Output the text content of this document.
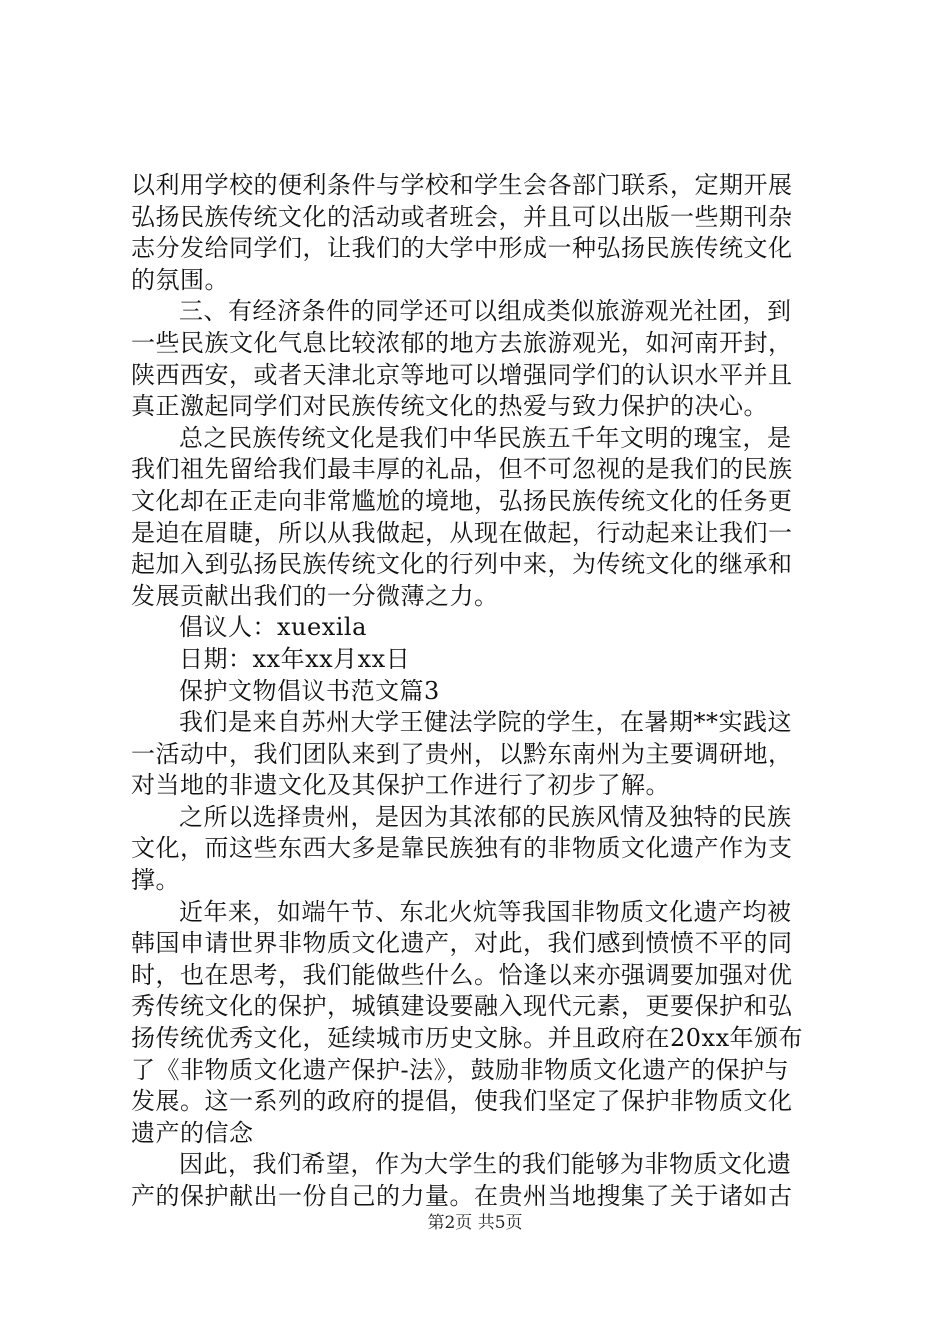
以利用学校的便利条件与学校和学生会各部门联系，定期开展
弘扬民族传统文化的活动或者班会，并且可以出版一些期刊杂
志分发给同学们，让我们的大学中形成一种弘扬民族传统文化
的氛围。
三、有经济条件的同学还可以组成类似旅游观光社团，到
一些民族文化气息比较浓郁的地方去旅游观光，如河南开封，
陕西西安，或者天津北京等地可以增强同学们的认识水平并且
真正激起同学们对民族传统文化的热爱与致力保护的决心。
总之民族传统文化是我们中华民族五千年文明的瑰宝，是
我们祖先留给我们最丰厚的礼品，但不可忽视的是我们的民族
文化却在正走向非常尴尬的境地，弘扬民族传统文化的任务更
是迫在眉睫，所以从我做起，从现在做起，行动起来让我们一
起加入到弘扬民族传统文化的行列中来，为传统文化的继承和
发展贡献出我们的一分微薄之力。
倡议人：xuexila
日期：xx年xx月xx日
保护文物倡议书范文篇3
我们是来自苏州大学王健法学院的学生，在暑期**实践这
一活动中，我们团队来到了贵州，以黔东南州为主要调研地，
对当地的非遗文化及其保护工作进行了初步了解。
之所以选择贵州，是因为其浓郁的民族风情及独特的民族
文化，而这些东西大多是靠民族独有的非物质文化遗产作为支
撑。
近年来，如端午节、东北火炕等我国非物质文化遗产均被
韩国申请世界非物质文化遗产，对此，我们感到愤愤不平的同
时，也在思考，我们能做些什么。恰逢以来亦强调要加强对优
秀传统文化的保护，城镇建设要融入现代元素，更要保护和弘
扬传统优秀文化，延续城市历史文脉。并且政府在20xx年颁布
了《非物质文化遗产保护-法》，鼓励非物质文化遗产的保护与
发展。这一系列的政府的提倡，使我们坚定了保护非物质文化
遗产的信念
因此，我们希望，作为大学生的我们能够为非物质文化遗
产的保护献出一份自己的力量。在贵州当地搜集了关于诸如古
第2页 共5页
